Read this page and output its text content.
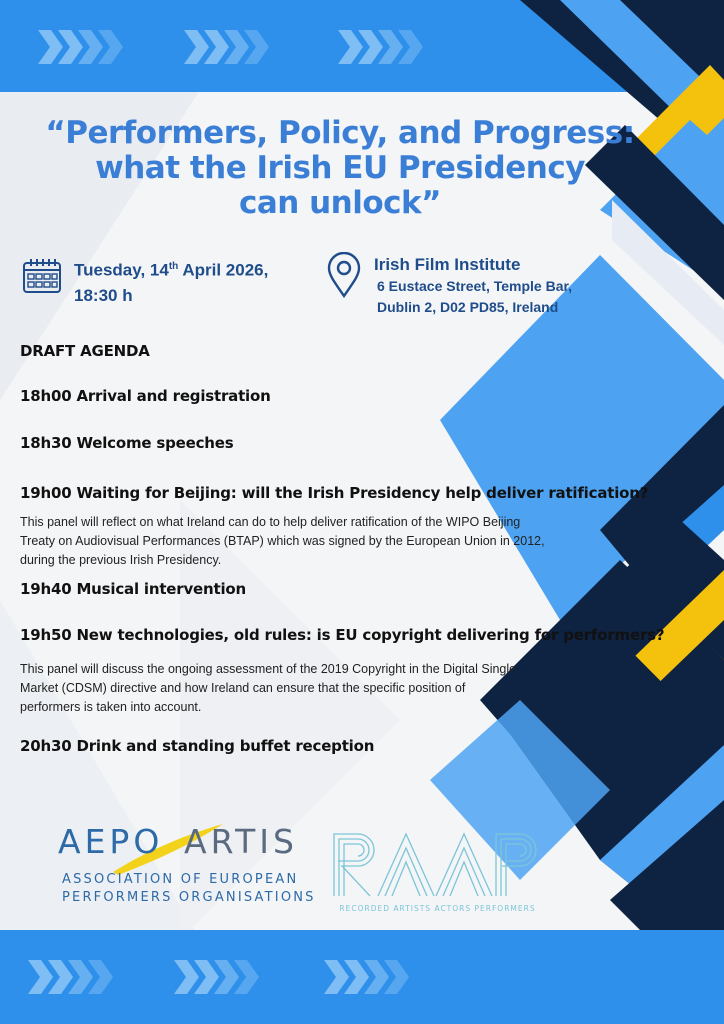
“Performers, Policy, and Progress:
what the Irish EU Presidency
can unlock”
Tuesday, 14th April 2026,
18:30 h
Irish Film Institute
6 Eustace Street, Temple Bar,
Dublin 2, D02 PD85, Ireland
DRAFT AGENDA
18h00 Arrival and registration
18h30 Welcome speeches
19h00 Waiting for Beijing: will the Irish Presidency help deliver ratification?
This panel will reflect on what Ireland can do to help deliver ratification of the WIPO Beijing
Treaty on Audiovisual Performances (BTAP) which was signed by the European Union in 2012,
during the previous Irish Presidency.
19h40 Musical intervention
19h50 New technologies, old rules: is EU copyright delivering for performers?
This panel will discuss the ongoing assessment of the 2019 Copyright in the Digital Single
Market (CDSM) directive and how Ireland can ensure that the specific position of
performers is taken into account.
20h30 Drink and standing buffet reception
AEPO ARTIS
ASSOCIATION OF EUROPEAN
PERFORMERS ORGANISATIONS
RECORDED ARTISTS ACTORS PERFORMERS
